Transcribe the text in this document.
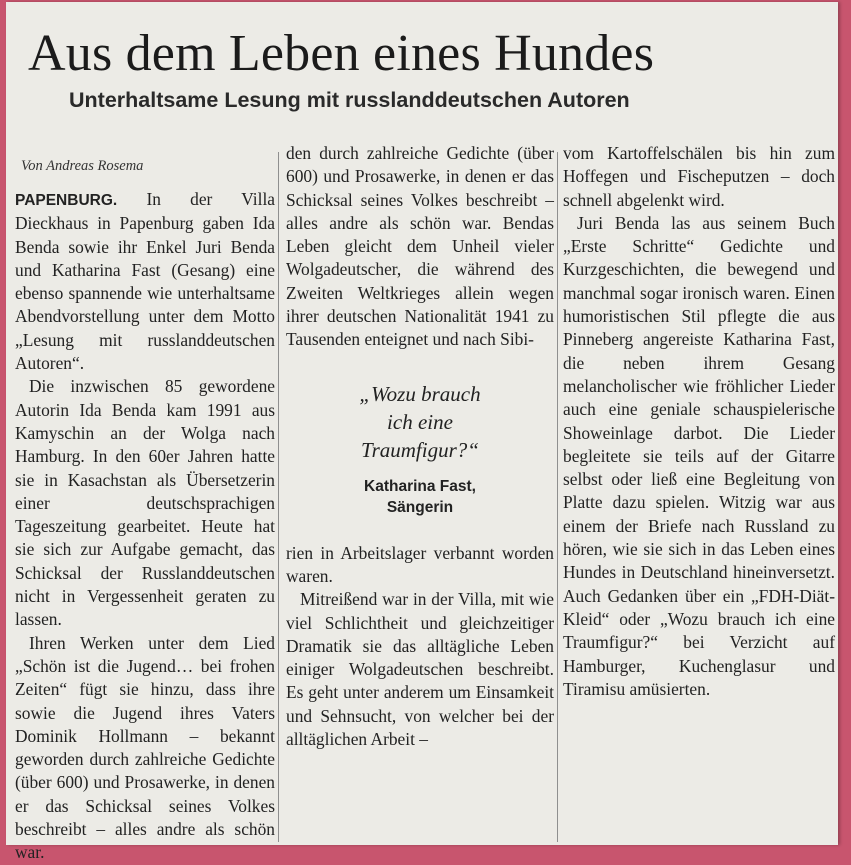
Aus dem Leben eines Hundes
Unterhaltsame Lesung mit russlanddeutschen Autoren

Von Andreas Rosema

PAPENBURG. In der Villa Dieckhaus in Papenburg gaben Ida Benda sowie ihr Enkel Juri Benda und Katharina Fast (Gesang) eine ebenso spannende wie unterhaltsame Abendvorstellung unter dem Motto „Lesung mit russlanddeutschen Autoren“.

Die inzwischen 85 gewordene Autorin Ida Benda kam 1991 aus Kamyschin an der Wolga nach Hamburg. In den 60er Jahren hatte sie in Kasachstan als Übersetzerin einer deutschsprachigen Tageszeitung gearbeitet. Heute hat sie sich zur Aufgabe gemacht, das Schicksal der Russlanddeutschen nicht in Vergessenheit geraten zu lassen.

Ihren Werken unter dem Lied „Schön ist die Jugend… bei frohen Zeiten“ fügt sie hinzu, dass ihre sowie die Jugend ihres Vaters Dominik Hollmann – bekannt geworden durch zahlreiche Gedichte (über 600) und Prosawerke, in denen er das Schicksal seines Volkes beschreibt – alles andre als schön war.

den durch zahlreiche Gedichte (über 600) und Prosawerke, in denen er das Schicksal seines Volkes beschreibt – alles andre als schön war. Bendas Leben gleicht dem Unheil vieler Wolgadeutscher, die während des Zweiten Weltkrieges allein wegen ihrer deutschen Nationalität 1941 zu Tausenden enteignet und nach Sibi-

„Wozu brauch
ich eine
Traumfigur?“
Katharina Fast,
Sängerin

rien in Arbeitslager verbannt worden waren.

Mitreißend war in der Villa, mit wie viel Schlichtheit und gleichzeitiger Dramatik sie das alltägliche Leben einiger Wolgadeutschen beschreibt. Es geht unter anderem um Einsamkeit und Sehnsucht, von welcher bei der alltäglichen Arbeit –

vom Kartoffelschälen bis hin zum Hoffegen und Fischeputzen – doch schnell abgelenkt wird.

Juri Benda las aus seinem Buch „Erste Schritte“ Gedichte und Kurzgeschichten, die bewegend und manchmal sogar ironisch waren. Einen humoristischen Stil pflegte die aus Pinneberg angereiste Katharina Fast, die neben ihrem Gesang melancholischer wie fröhlicher Lieder auch eine geniale schauspielerische Showeinlage darbot. Die Lieder begleitete sie teils auf der Gitarre selbst oder ließ eine Begleitung von Platte dazu spielen. Witzig war aus einem der Briefe nach Russland zu hören, wie sie sich in das Leben eines Hundes in Deutschland hineinversetzt. Auch Gedanken über ein „FDH-Diät-Kleid“ oder „Wozu brauch ich eine Traumfigur?“ bei Verzicht auf Hamburger, Kuchenglasur und Tiramisu amüsierten.
